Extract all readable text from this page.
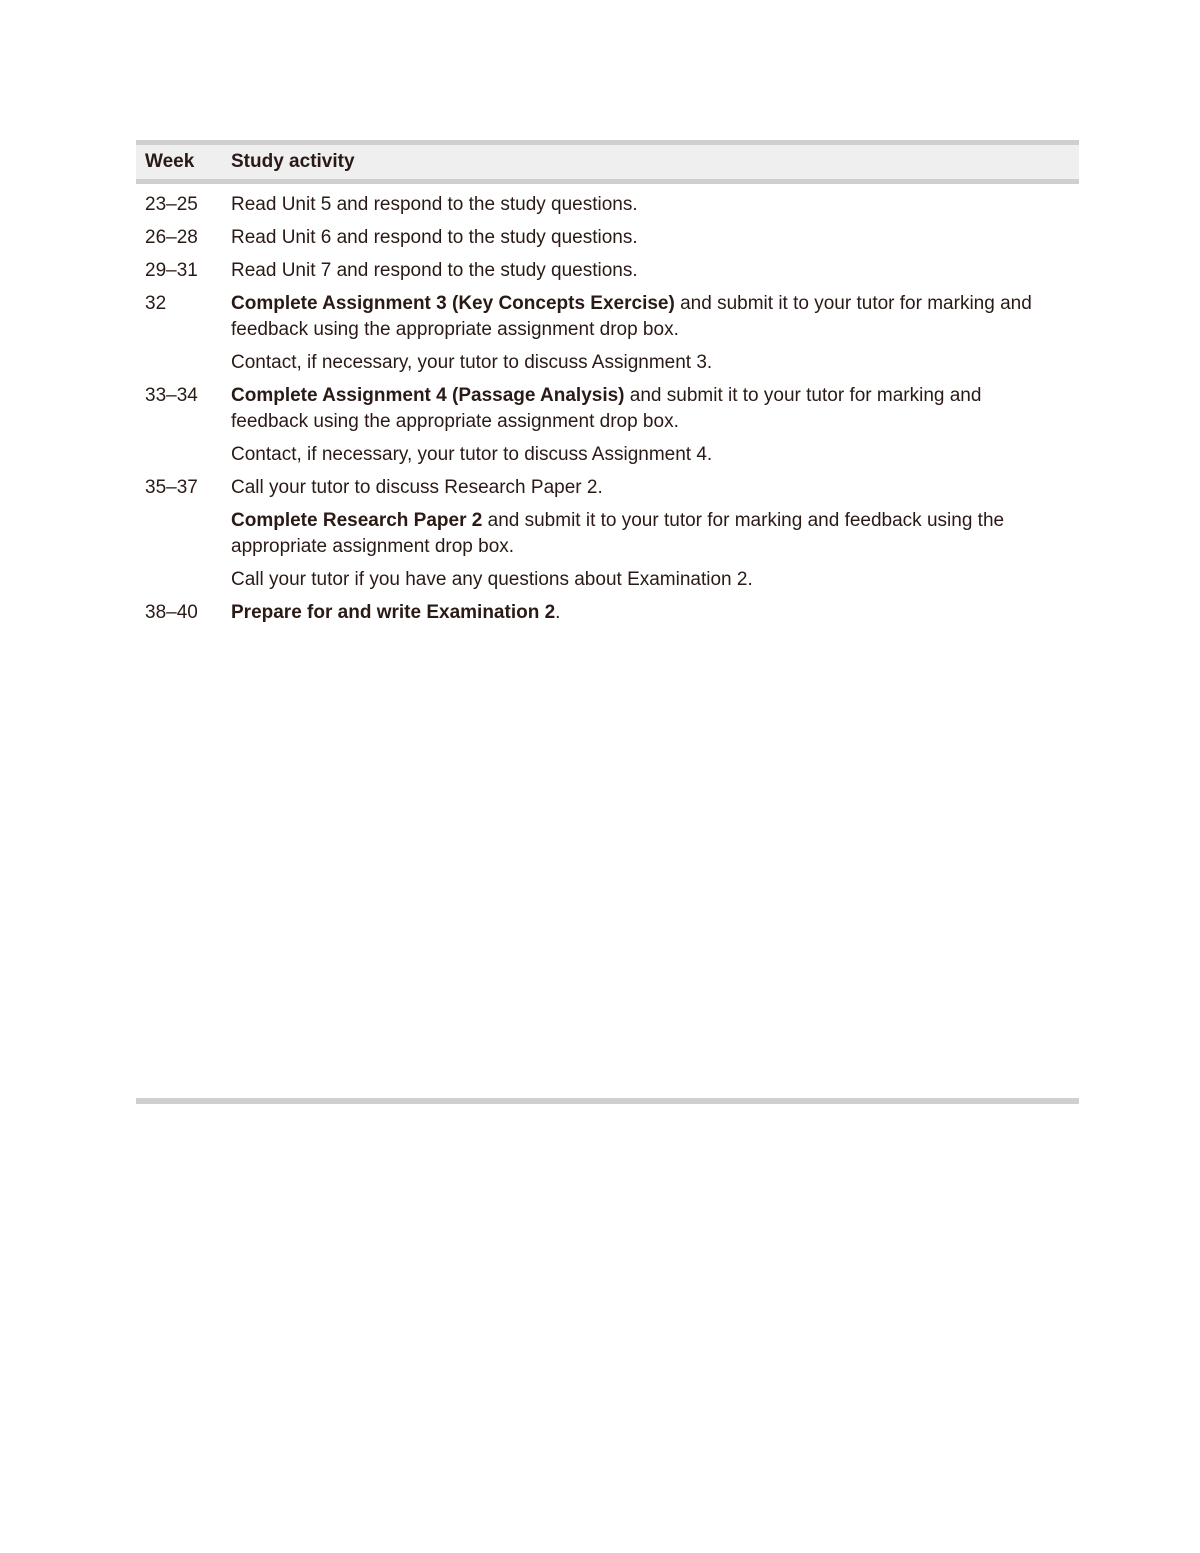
Week	Study activity
23–25	Read Unit 5 and respond to the study questions.

26–28	Read Unit 6 and respond to the study questions.

29–31	Read Unit 7 and respond to the study questions.

32	Complete Assignment 3 (Key Concepts Exercise) and submit it to your tutor for marking and feedback using the appropriate assignment drop box.

Contact, if necessary, your tutor to discuss Assignment 3.

33–34	Complete Assignment 4 (Passage Analysis) and submit it to your tutor for marking and feedback using the appropriate assignment drop box.

Contact, if necessary, your tutor to discuss Assignment 4.

35–37	Call your tutor to discuss Research Paper 2.

Complete Research Paper 2 and submit it to your tutor for marking and feedback using the appropriate assignment drop box.

Call your tutor if you have any questions about Examination 2.

38–40	Prepare for and write Examination 2.
